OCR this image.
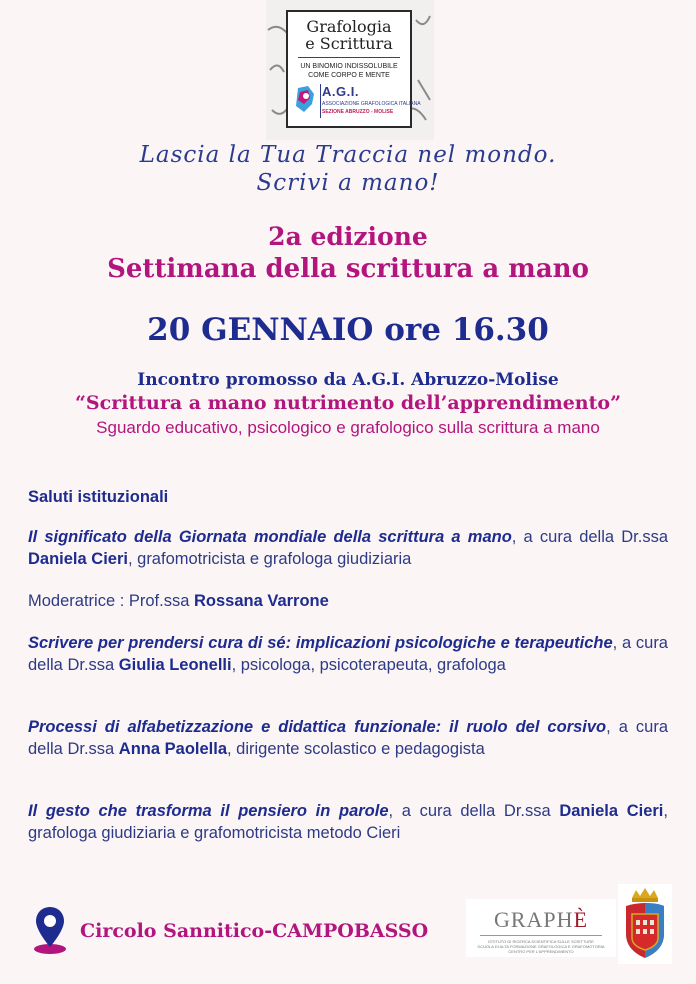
Grafologia
e Scrittura
UN BINOMIO INDISSOLUBILE
COME CORPO E MENTE
A.G.I.
ASSOCIAZIONE GRAFOLOGICA ITALIANA
SEZIONE ABRUZZO - MOLISE
Lascia la Tua Traccia nel mondo.
Scrivi a mano!
2a edizione
Settimana della scrittura a mano
20 GENNAIO ore 16.30
Incontro promosso da A.G.I. Abruzzo-Molise
“Scrittura a mano nutrimento dell’apprendimento”
Sguardo educativo, psicologico e grafologico sulla scrittura a mano
Saluti istituzionali
Il significato della Giornata mondiale della scrittura a mano, a cura della Dr.ssa Daniela Cieri, grafomotricista e grafologa giudiziaria
Moderatrice : Prof.ssa Rossana Varrone
Scrivere per prendersi cura di sé: implicazioni psicologiche e terapeutiche, a cura della Dr.ssa Giulia Leonelli, psicologa, psicoterapeuta, grafologa
Processi di alfabetizzazione e didattica funzionale: il ruolo del corsivo, a cura della Dr.ssa Anna Paolella, dirigente scolastico e pedagogista
Il gesto che trasforma il pensiero in parole, a cura della Dr.ssa Daniela Cieri, grafologa giudiziaria e grafomotricista metodo Cieri
Circolo Sannitico-CAMPOBASSO	GRAPHÈ
ISTITUTO DI RICERCA SCIENTIFICA SULLE SCRITTURE
SCUOLA DI ALTA FORMAZIONE GRAFOLOGICA E GRAFOMOTORIA
CENTRO PER L'APPRENDIMENTO
